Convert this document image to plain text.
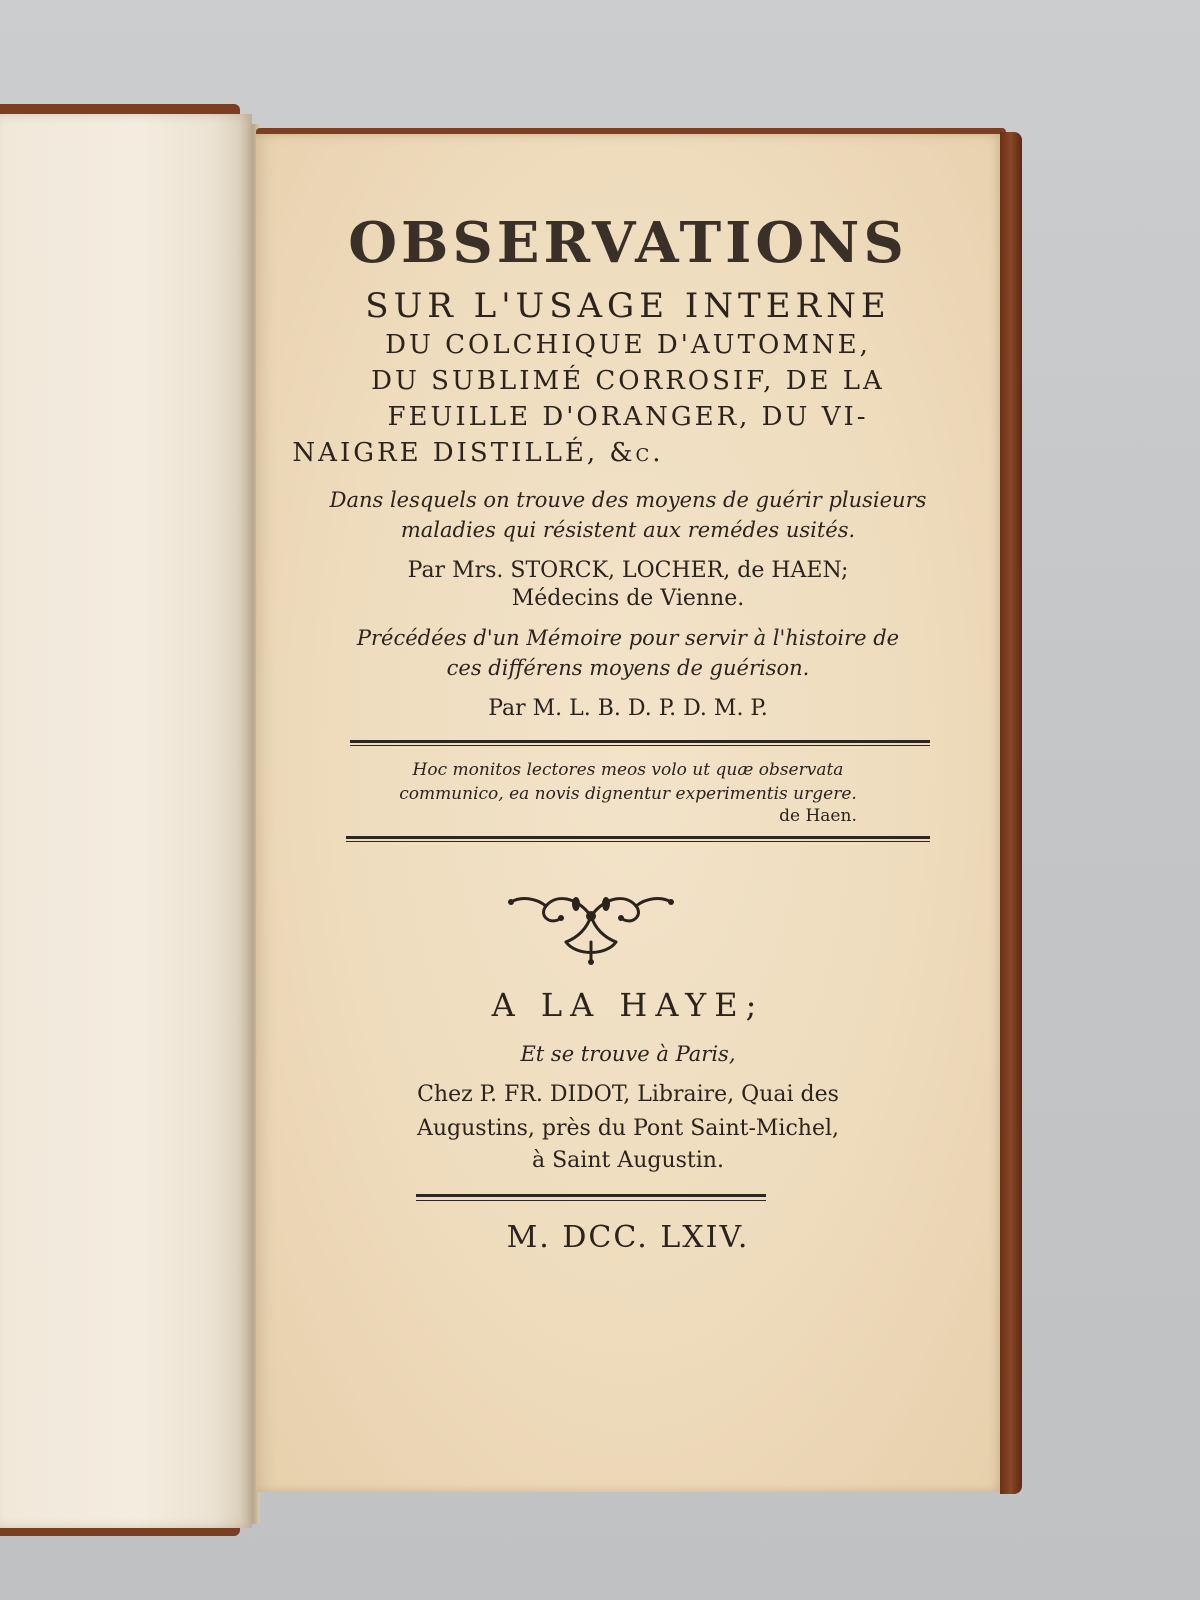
OBSERVATIONS
SUR L'USAGE INTERNE
DU COLCHIQUE D'AUTOMNE,
DU SUBLIMÉ CORROSIF, DE LA
FEUILLE D'ORANGER, DU VI-
NAIGRE DISTILLÉ, &c.
Dans lesquels on trouve des moyens de guérir plusieurs
maladies qui résistent aux remédes usités.
Par Mrs. STORCK, LOCHER, de HAEN;
Médecins de Vienne.
Précédées d'un Mémoire pour servir à l'histoire de
ces différens moyens de guérison.
Par M. L. B. D. P. D. M. P.
Hoc monitos lectores meos volo ut quæ observata
communico, ea novis dignentur experimentis urgere.
de Haen.
A LA HAYE;
Et se trouve à Paris,
Chez P. FR. DIDOT, Libraire, Quai des
Augustins, près du Pont Saint-Michel,
à Saint Augustin.
M. DCC. LXIV.
